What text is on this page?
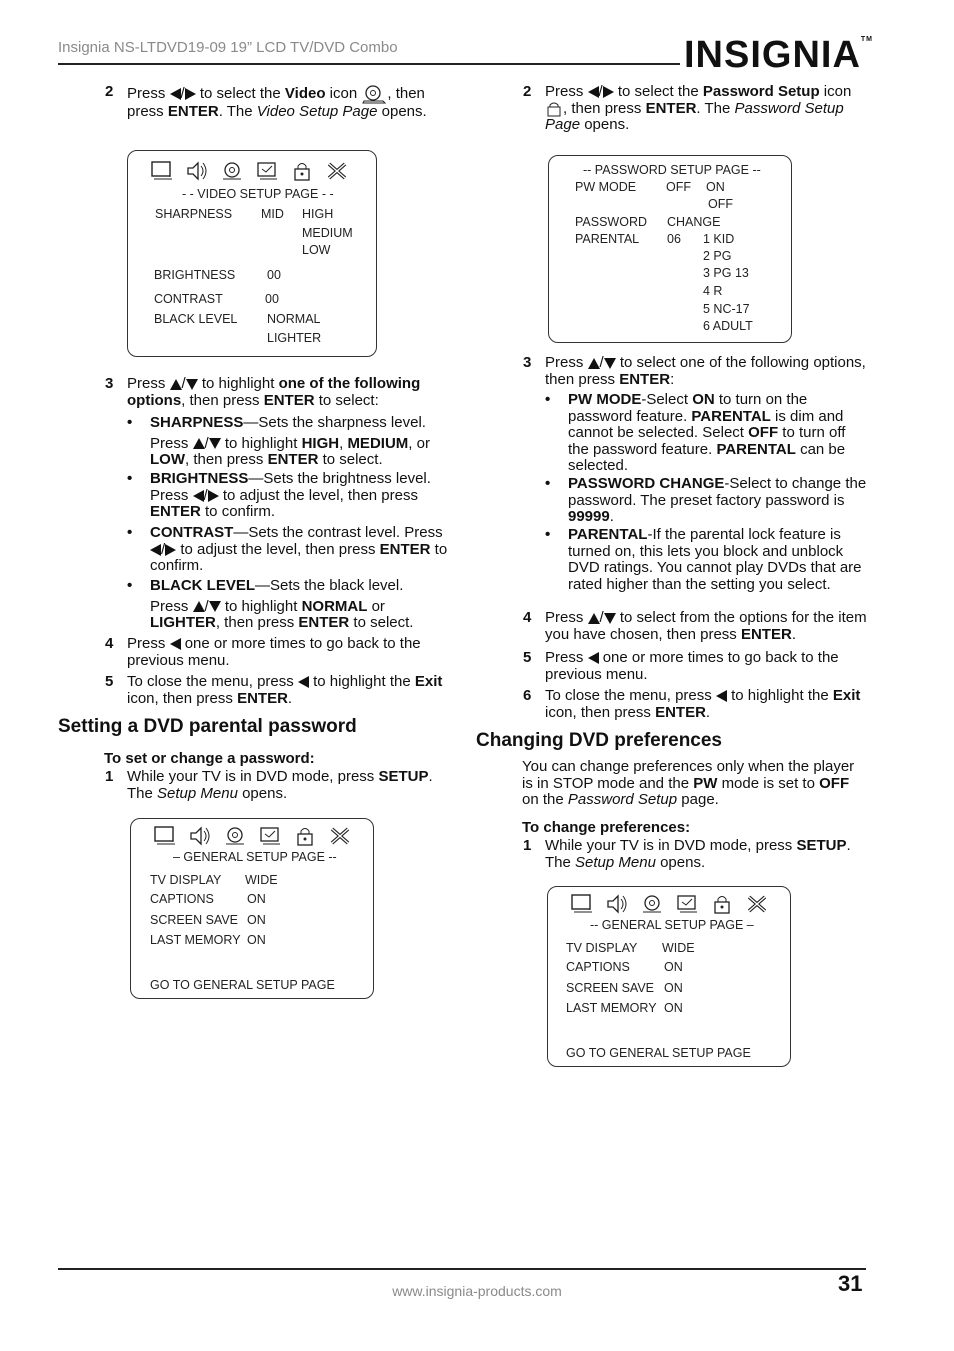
Insignia NS-LTDVD19-09 19” LCD TV/DVD Combo	INSIGNIA™
2 Press / to select the Video icon , then press ENTER. The Video Setup Page opens.
- - VIDEO SETUP PAGE - -
SHARPNESS MID HIGH
MEDIUM
LOW
BRIGHTNESS	00
CONTRAST	00
BLACK LEVEL NORMAL
LIGHTER
3 Press / to highlight one of the following options, then press ENTER to select:
• SHARPNESS—Sets the sharpness level.
Press / to highlight HIGH, MEDIUM, or LOW, then press ENTER to select.
• BRIGHTNESS—Sets the brightness level. Press / to adjust the level, then press ENTER to confirm.
• CONTRAST—Sets the contrast level. Press / to adjust the level, then press ENTER to confirm.
• BLACK LEVEL—Sets the black level.
Press / to highlight NORMAL or LIGHTER, then press ENTER to select.
4 Press one or more times to go back to the previous menu.
5 To close the menu, press to highlight the Exit icon, then press ENTER.
Setting a DVD parental password
To set or change a password:
1 While your TV is in DVD mode, press SETUP. The Setup Menu opens.
– GENERAL SETUP PAGE --
TV DISPLAY WIDE
CAPTIONS	ON
SCREEN SAVE ON
LAST MEMORY ON
GO TO GENERAL SETUP PAGE
2 Press / to select the Password Setup icon , then press ENTER. The Password Setup Page opens.
-- PASSWORD SETUP PAGE --
PW MODE OFF ON
OFF
PASSWORD CHANGE
PARENTAL 06 1 KID
2 PG
3 PG 13
4 R
5 NC-17
6 ADULT
3 Press / to select one of the following options, then press ENTER:
• PW MODE-Select ON to turn on the password feature. PARENTAL is dim and cannot be selected. Select OFF to turn off the password feature. PARENTAL can be selected.
• PASSWORD CHANGE-Select to change the password. The preset factory password is 99999.
• PARENTAL-If the parental lock feature is turned on, this lets you block and unblock DVD ratings. You cannot play DVDs that are rated higher than the setting you select.
4 Press / to select from the options for the item you have chosen, then press ENTER.
5 Press one or more times to go back to the previous menu.
6 To close the menu, press to highlight the Exit icon, then press ENTER.
Changing DVD preferences
You can change preferences only when the player is in STOP mode and the PW mode is set to OFF on the Password Setup page.
To change preferences:
1 While your TV is in DVD mode, press SETUP. The Setup Menu opens.
-- GENERAL SETUP PAGE –
TV DISPLAY WIDE
CAPTIONS	ON
SCREEN SAVE ON
LAST MEMORY ON
GO TO GENERAL SETUP PAGE
31
www.insignia-products.com
